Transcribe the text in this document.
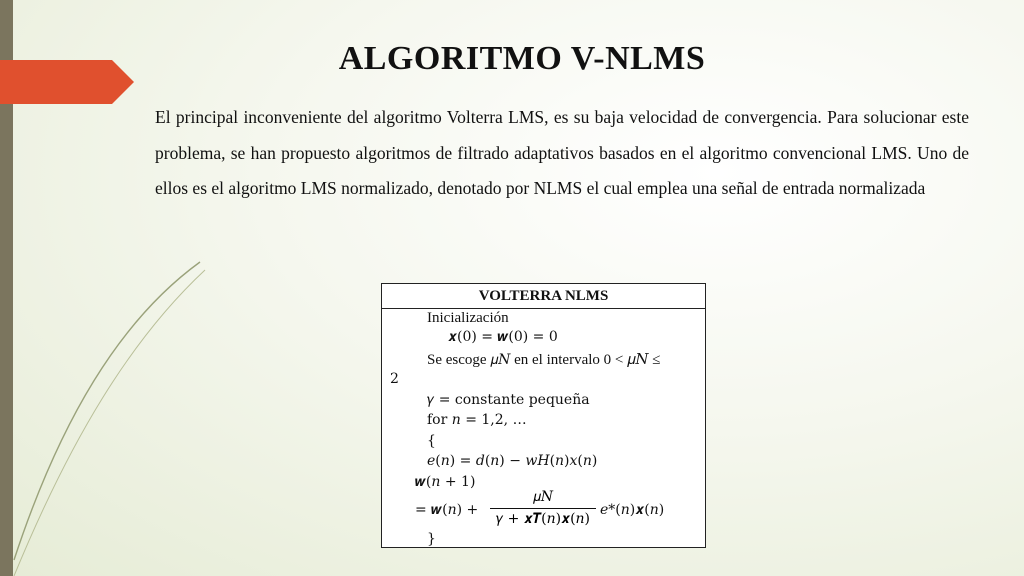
ALGORITMO V-NLMS
El principal inconveniente del algoritmo Volterra LMS, es su baja velocidad de convergencia. Para solucionar este problema, se han propuesto algoritmos de filtrado adaptativos basados en el algoritmo convencional LMS. Uno de ellos es el algoritmo LMS normalizado, denotado por NLMS el cual emplea una señal de entrada normalizada
VOLTERRA NLMS
Inicialización
𝒙(0) = 𝒘(0) = 0
Se escoge 𝜇𝑁 en el intervalo 0 < 𝜇𝑁 ≤
2
𝛾 = constante pequeña
for 𝑛 = 1,2, …
{
𝑒(𝑛) = 𝑑(𝑛) − 𝑤𝐻(𝑛)𝑥(𝑛)
𝒘(𝑛 + 1)
= 𝒘(𝑛) +
𝜇𝑁
𝛾 + 𝒙𝑻(𝑛)𝒙(𝑛)
𝑒*(𝑛)𝒙(𝑛)
}
